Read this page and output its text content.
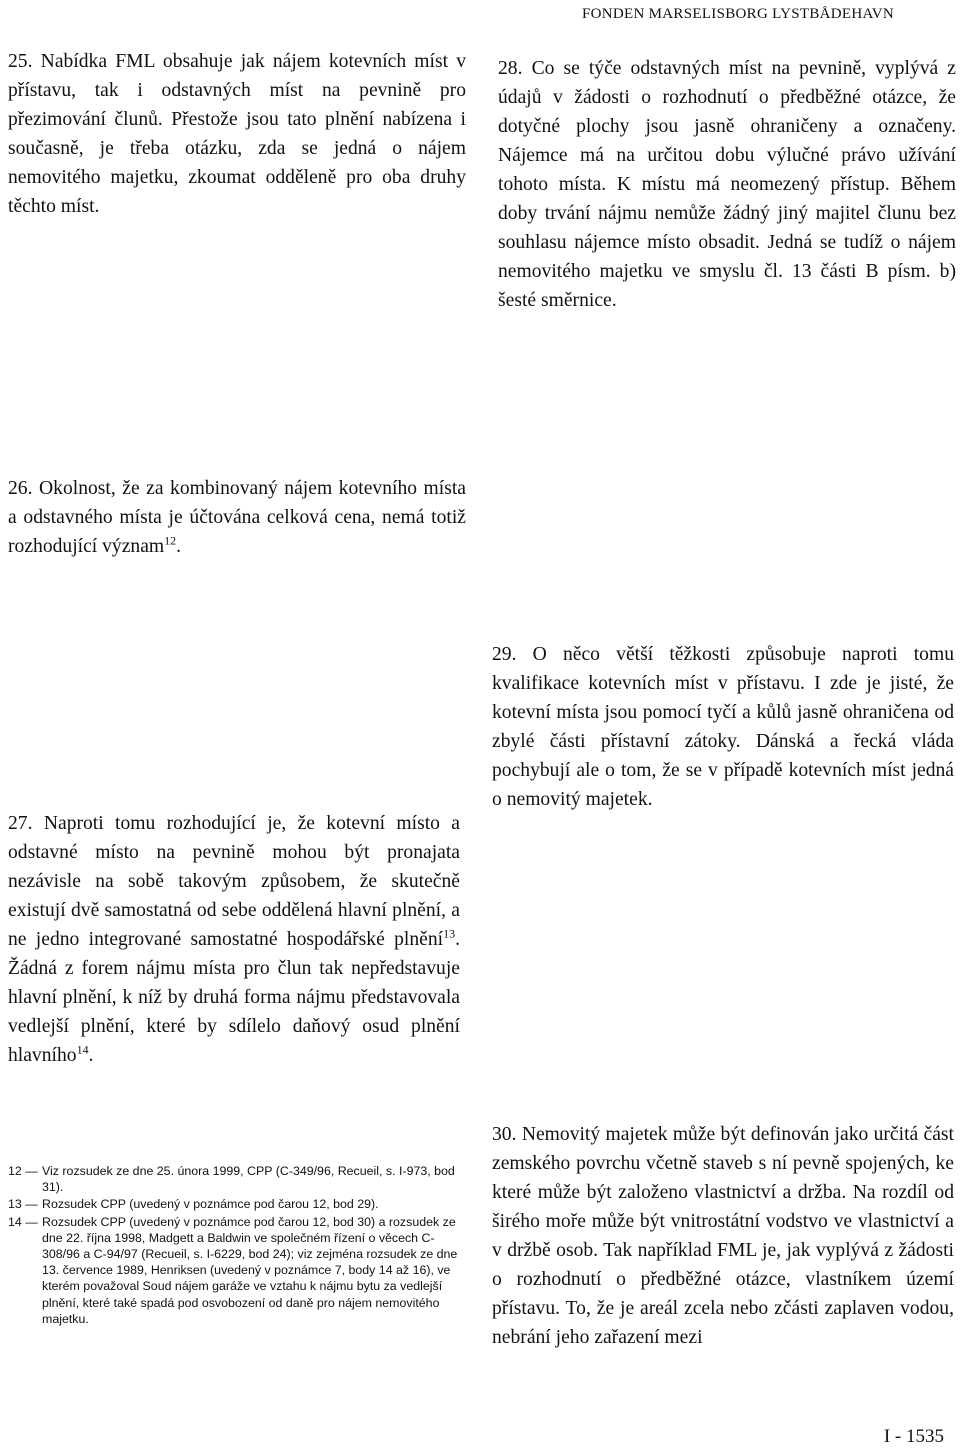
FONDEN MARSELISBORG LYSTBÅDEHAVN

25. Nabídka FML obsahuje jak nájem kotevních míst v přístavu, tak i odstavných míst na pevnině pro přezimování člunů. Přestože jsou tato plnění nabízena i současně, je třeba otázku, zda se jedná o nájem nemovitého majetku, zkoumat odděleně pro oba druhy těchto míst.

28. Co se týče odstavných míst na pevnině, vyplývá z údajů v žádosti o rozhodnutí o předběžné otázce, že dotyčné plochy jsou jasně ohraničeny a označeny. Nájemce má na určitou dobu výlučné právo užívání tohoto místa. K místu má neomezený přístup. Během doby trvání nájmu nemůže žádný jiný majitel člunu bez souhlasu nájemce místo obsadit. Jedná se tudíž o nájem nemovitého majetku ve smyslu čl. 13 části B písm. b) šesté směrnice.

26. Okolnost, že za kombinovaný nájem kotevního místa a odstavného místa je účtována celková cena, nemá totiž rozhodující význam$^{12}$.

29. O něco větší těžkosti způsobuje naproti tomu kvalifikace kotevních míst v přístavu. I zde je jisté, že kotevní místa jsou pomocí tyčí a kůlů jasně ohraničena od zbylé části přístavní zátoky. Dánská a řecká vláda pochybují ale o tom, že se v případě kotevních míst jedná o nemovitý majetek.

27. Naproti tomu rozhodující je, že kotevní místo a odstavné místo na pevnině mohou být pronajata nezávisle na sobě takovým způsobem, že skutečně existují dvě samostatná od sebe oddělená hlavní plnění, a ne jedno integrované samostatné hospodářské plnění$^{13}$. Žádná z forem nájmu místa pro člun tak nepředstavuje hlavní plnění, k níž by druhá forma nájmu představovala vedlejší plnění, které by sdílelo daňový osud plnění hlavního$^{14}$.

30. Nemovitý majetek může být definován jako určitá část zemského povrchu včetně staveb s ní pevně spojených, ke které může být založeno vlastnictví a držba. Na rozdíl od širého moře může být vnitrostátní vodstvo ve vlastnictví a v držbě osob. Tak například FML je, jak vyplývá z žádosti o rozhodnutí o předběžné otázce, vlastníkem území přístavu. To, že je areál zcela nebo zčásti zaplaven vodou, nebrání jeho zařazení mezi

12 — Viz rozsudek ze dne 25. února 1999, CPP (C-349/96, Recueil, s. I-973, bod 31).
13 — Rozsudek CPP (uvedený v poznámce pod čarou 12, bod 29).
14 — Rozsudek CPP (uvedený v poznámce pod čarou 12, bod 30) a rozsudek ze dne 22. října 1998, Madgett a Baldwin ve společném řízení o věcech C-308/96 a C-94/97 (Recueil, s. I-6229, bod 24); viz zejména rozsudek ze dne 13. července 1989, Henriksen (uvedený v poznámce 7, body 14 až 16), ve kterém považoval Soud nájem garáže ve vztahu k nájmu bytu za vedlejší plnění, které také spadá pod osvobození od daně pro nájem nemovitého majetku.
I - 1535
